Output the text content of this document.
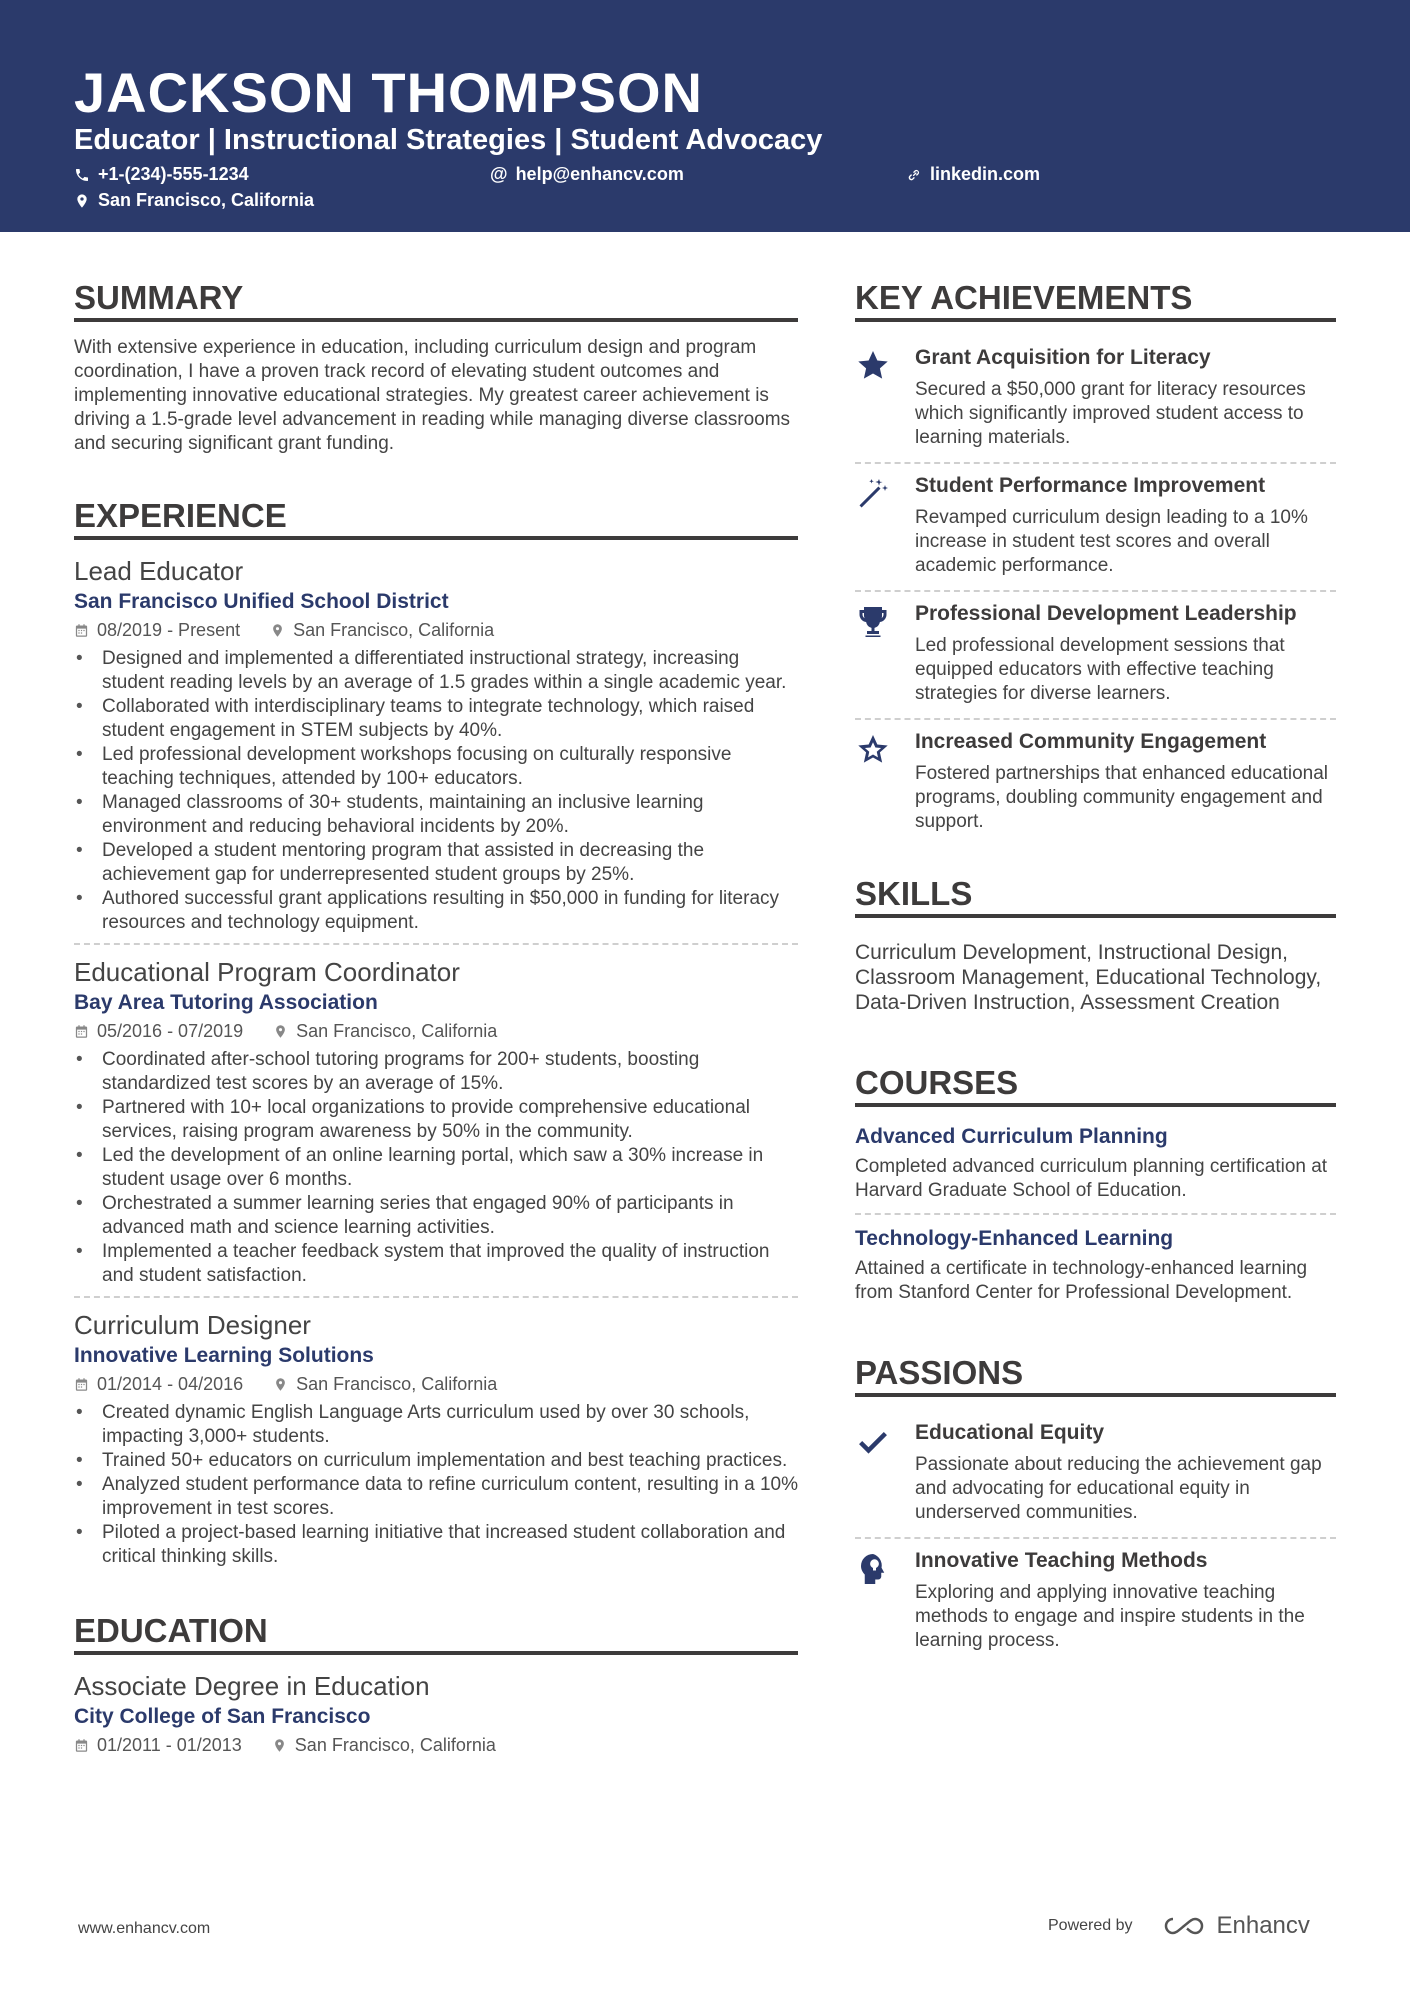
JACKSON THOMPSON
Educator | Instructional Strategies | Student Advocacy
+1-(234)-555-1234	@ help@enhancv.com	linkedin.com
San Francisco, California
SUMMARY

With extensive experience in education, including curriculum design and program coordination, I have a proven track record of elevating student outcomes and implementing innovative educational strategies. My greatest career achievement is driving a 1.5-grade level advancement in reading while managing diverse classrooms and securing significant grant funding.

EXPERIENCE

Lead Educator

San Francisco Unified School District

08/2019 - Present	San Francisco, California
• Designed and implemented a differentiated instructional strategy, increasing student reading levels by an average of 1.5 grades within a single academic year.
• Collaborated with interdisciplinary teams to integrate technology, which raised student engagement in STEM subjects by 40%.
• Led professional development workshops focusing on culturally responsive teaching techniques, attended by 100+ educators.
• Managed classrooms of 30+ students, maintaining an inclusive learning environment and reducing behavioral incidents by 20%.
• Developed a student mentoring program that assisted in decreasing the achievement gap for underrepresented student groups by 25%.
• Authored successful grant applications resulting in $50,000 in funding for literacy resources and technology equipment.

Educational Program Coordinator

Bay Area Tutoring Association

05/2016 - 07/2019	San Francisco, California
• Coordinated after-school tutoring programs for 200+ students, boosting standardized test scores by an average of 15%.
• Partnered with 10+ local organizations to provide comprehensive educational services, raising program awareness by 50% in the community.
• Led the development of an online learning portal, which saw a 30% increase in student usage over 6 months.
• Orchestrated a summer learning series that engaged 90% of participants in advanced math and science learning activities.
• Implemented a teacher feedback system that improved the quality of instruction and student satisfaction.

Curriculum Designer

Innovative Learning Solutions

01/2014 - 04/2016	San Francisco, California
• Created dynamic English Language Arts curriculum used by over 30 schools, impacting 3,000+ students.
• Trained 50+ educators on curriculum implementation and best teaching practices.
• Analyzed student performance data to refine curriculum content, resulting in a 10% improvement in test scores.
• Piloted a project-based learning initiative that increased student collaboration and critical thinking skills.
EDUCATION

Associate Degree in Education

City College of San Francisco

01/2011 - 01/2013	San Francisco, California
KEY ACHIEVEMENTS

Grant Acquisition for Literacy

Secured a $50,000 grant for literacy resources which significantly improved student access to learning materials.

Student Performance Improvement

Revamped curriculum design leading to a 10% increase in student test scores and overall academic performance.

Professional Development Leadership

Led professional development sessions that equipped educators with effective teaching strategies for diverse learners.

Increased Community Engagement

Fostered partnerships that enhanced educational programs, doubling community engagement and support.

SKILLS

Curriculum Development, Instructional Design, Classroom Management, Educational Technology, Data-Driven Instruction, Assessment Creation

COURSES

Advanced Curriculum Planning

Completed advanced curriculum planning certification at Harvard Graduate School of Education.

Technology-Enhanced Learning

Attained a certificate in technology-enhanced learning from Stanford Center for Professional Development.

PASSIONS

Educational Equity

Passionate about reducing the achievement gap and advocating for educational equity in underserved communities.

Innovative Teaching Methods

Exploring and applying innovative teaching methods to engage and inspire students in the learning process.

www.enhancv.com	Powered by	Enhancv
